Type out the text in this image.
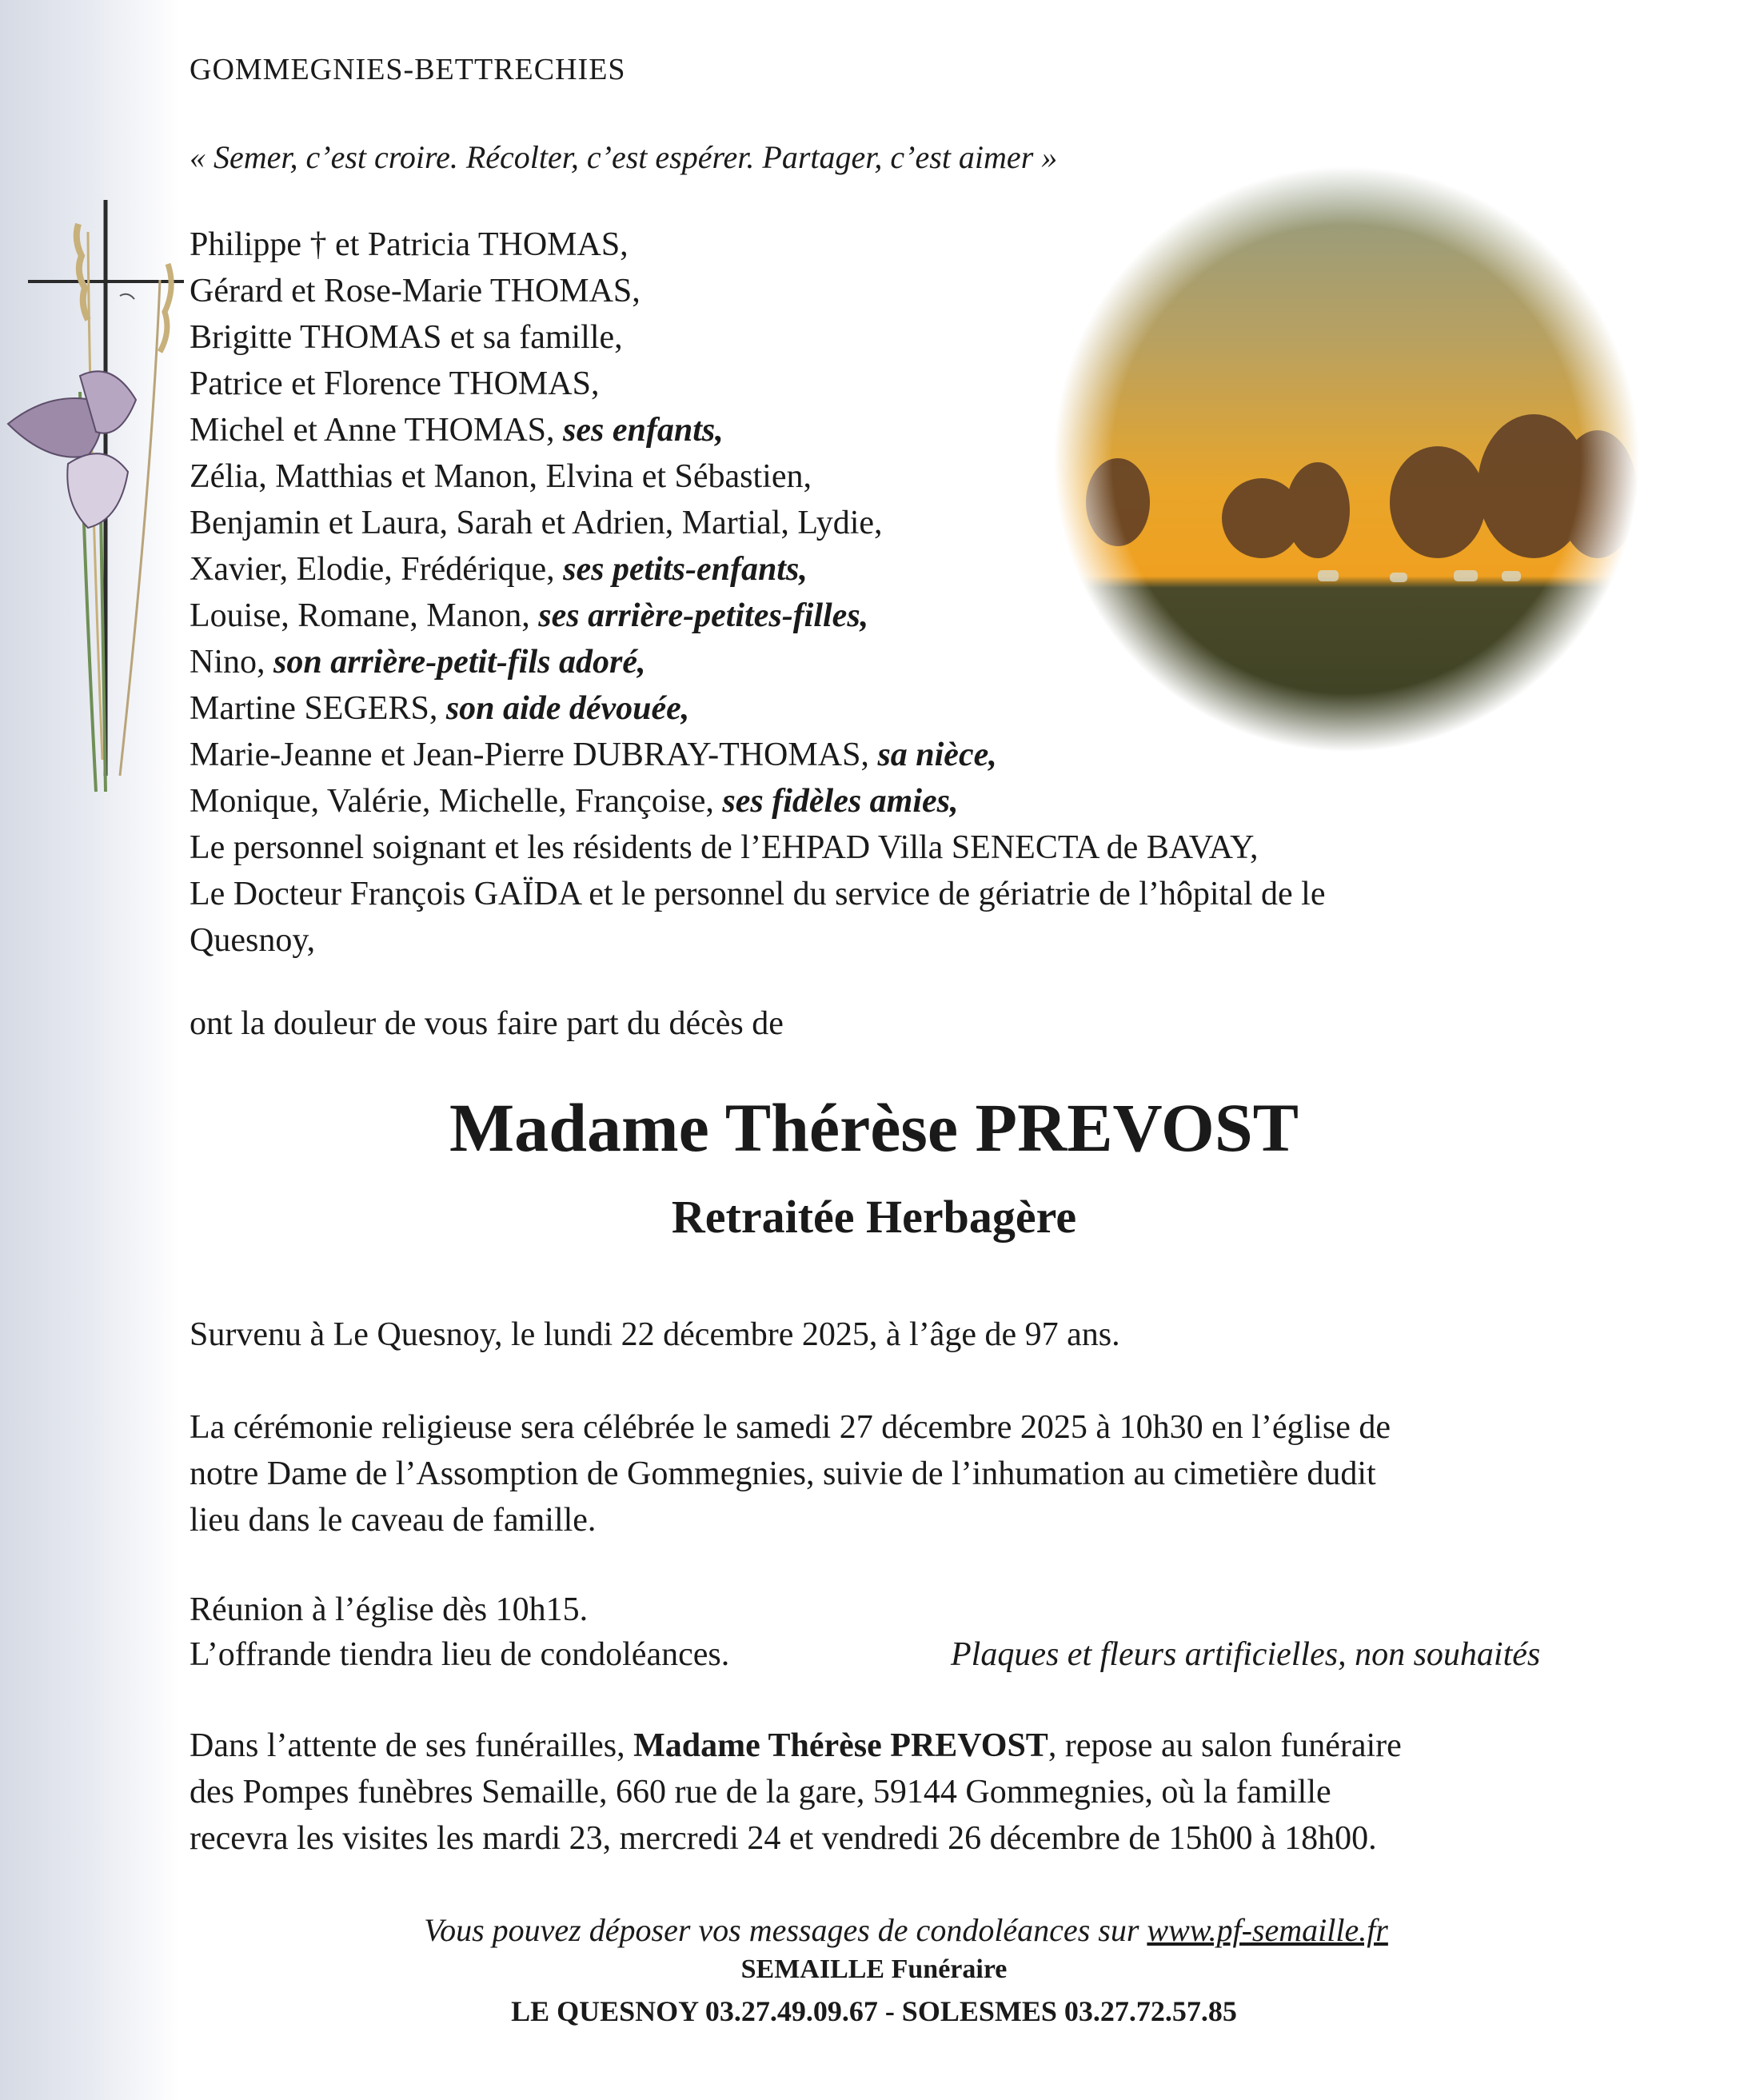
GOMMEGNIES-BETTRECHIES
« Semer, c’est croire. Récolter, c’est espérer. Partager, c’est aimer »
Philippe † et Patricia THOMAS,
Gérard et Rose-Marie THOMAS,
Brigitte THOMAS et sa famille,
Patrice et Florence THOMAS,
Michel et Anne THOMAS, ses enfants,
Zélia, Matthias et Manon, Elvina et Sébastien,
Benjamin et Laura, Sarah et Adrien, Martial, Lydie,
Xavier, Elodie, Frédérique, ses petits-enfants,
Louise, Romane, Manon, ses arrière-petites-filles,
Nino, son arrière-petit-fils adoré,
Martine SEGERS, son aide dévouée,
Marie-Jeanne et Jean-Pierre DUBRAY-THOMAS, sa nièce,
Monique, Valérie, Michelle, Françoise, ses fidèles amies,
Le personnel soignant et les résidents de l’EHPAD Villa SENECTA de BAVAY,
Le Docteur François GAÏDA et le personnel du service de gériatrie de l’hôpital de le
Quesnoy,
ont la douleur de vous faire part du décès de
Madame Thérèse PREVOST
Retraitée Herbagère
Survenu à Le Quesnoy, le lundi 22 décembre 2025, à l’âge de 97 ans.
La cérémonie religieuse sera célébrée le samedi 27 décembre 2025 à 10h30 en l’église de
notre Dame de l’Assomption de Gommegnies, suivie de l’inhumation au cimetière dudit
lieu dans le caveau de famille.
Réunion à l’église dès 10h15.
L’offrande tiendra lieu de condoléances.	Plaques et fleurs artificielles, non souhaités
Dans l’attente de ses funérailles, Madame Thérèse PREVOST, repose au salon funéraire
des Pompes funèbres Semaille, 660 rue de la gare, 59144 Gommegnies, où la famille
recevra les visites les mardi 23, mercredi 24 et vendredi 26 décembre de 15h00 à 18h00.
Vous pouvez déposer vos messages de condoléances sur www.pf-semaille.fr
SEMAILLE Funéraire
LE QUESNOY 03.27.49.09.67 - SOLESMES 03.27.72.57.85
